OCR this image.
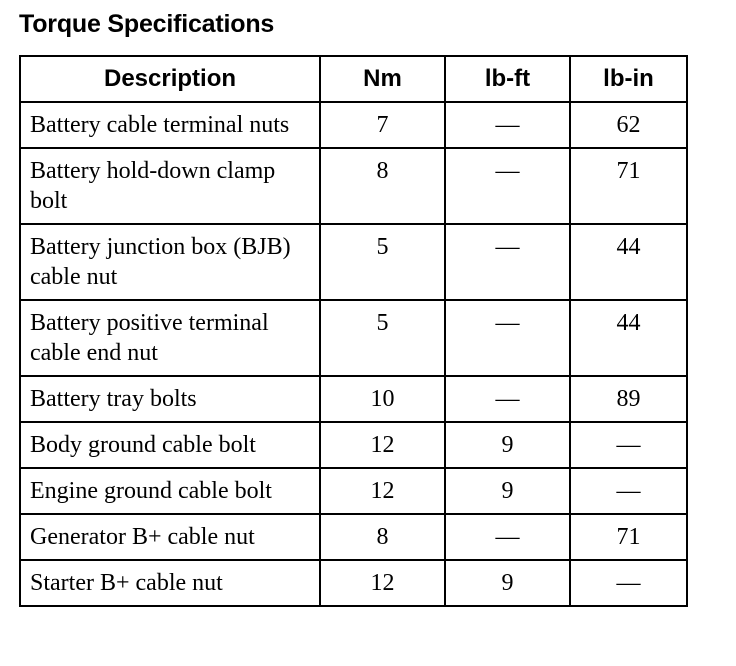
Torque Specifications
Description	Nm	lb-ft	lb-in
Battery cable terminal nuts	7	—	62
Battery hold-down clamp bolt	8	—	71
Battery junction box (BJB) cable nut	5	—	44
Battery positive terminal cable end nut	5	—	44
Battery tray bolts	10	—	89
Body ground cable bolt	12	9	—
Engine ground cable bolt	12	9	—
Generator B+ cable nut	8	—	71
Starter B+ cable nut	12	9	—
